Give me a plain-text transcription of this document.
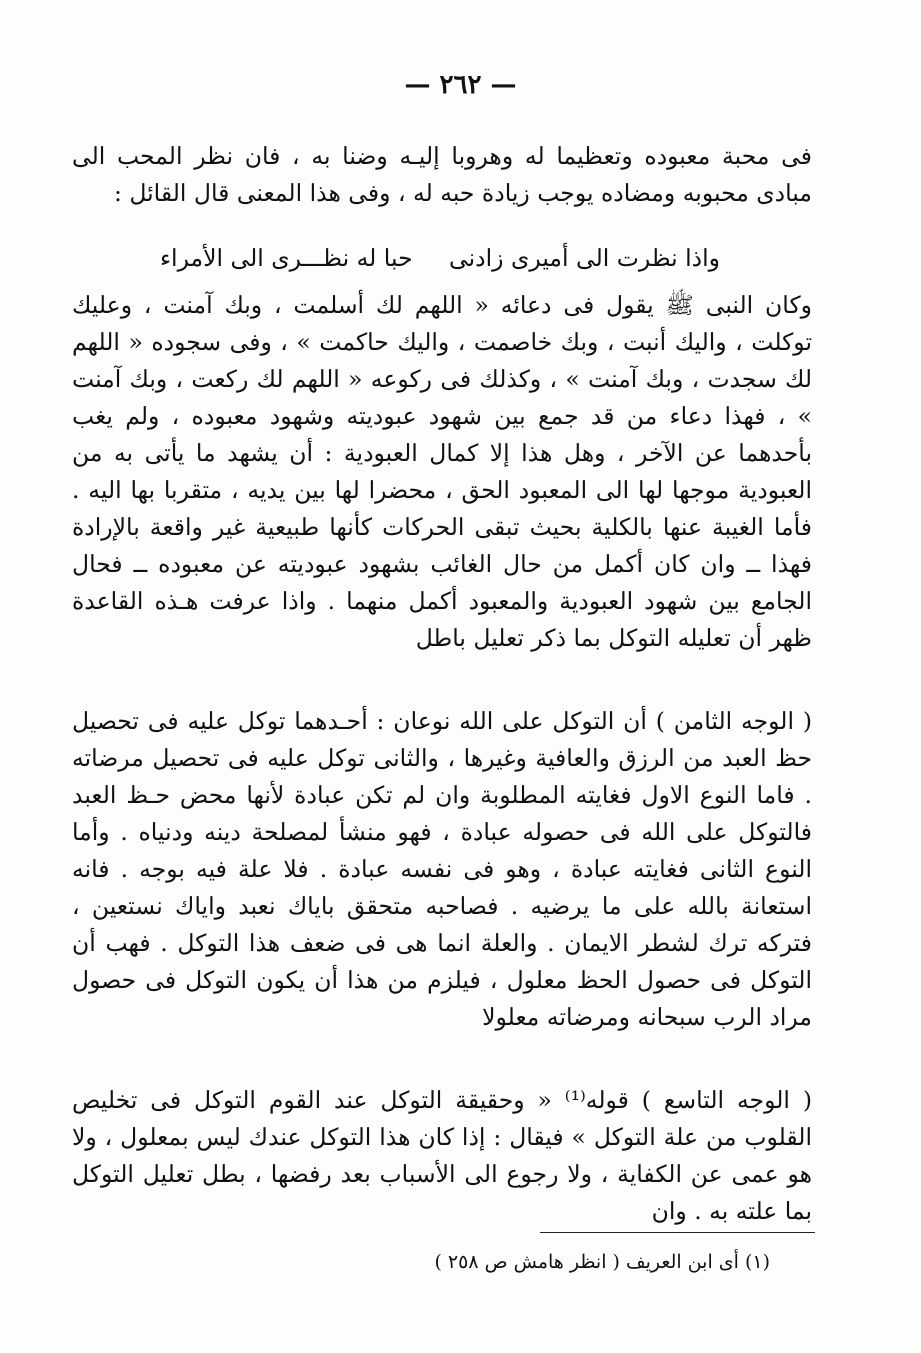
— ٢٦٢ —

فى محبة معبوده وتعظيما له وهروبا إليـه وضنا به ، فان نظر المحب الى مبادى محبوبه ومضاده يوجب زيادة حبه له ، وفى هذا المعنى قال القائل :

واذا نظرت الى أميرى زادنى
حبا له نظـــرى الى الأمراء

وكان النبى ﷺ يقول فى دعائه « اللهم لك أسلمت ، وبك آمنت ، وعليك توكلت ، واليك أنبت ، وبك خاصمت ، واليك حاكمت » ، وفى سجوده « اللهم لك سجدت ، وبك آمنت » ، وكذلك فى ركوعه « اللهم لك ركعت ، وبك آمنت » ، فهذا دعاء من قد جمع بين شهود عبوديته وشهود معبوده ، ولم يغب بأحدهما عن الآخر ، وهل هذا إلا كمال العبودية : أن يشهد ما يأتى به من العبودية موجها لها الى المعبود الحق ، محضرا لها بين يديه ، متقربا بها اليه . فأما الغيبة عنها بالكلية بحيث تبقى الحركات كأنها طبيعية غير واقعة بالإرادة فهذا ــ وان كان أكمل من حال الغائب بشهود عبوديته عن معبوده ــ فحال الجامع بين شهود العبودية والمعبود أكمل منهما . واذا عرفت هـذه القاعدة ظهر أن تعليله التوكل بما ذكر تعليل باطل

( الوجه الثامن ) أن التوكل على الله نوعان : أحـدهما توكل عليه فى تحصيل حظ العبد من الرزق والعافية وغيرها ، والثانى توكل عليه فى تحصيل مرضاته . فاما النوع الاول فغايته المطلوبة وان لم تكن عبادة لأنها محض حـظ العبد فالتوكل على الله فى حصوله عبادة ، فهو منشأ لمصلحة دينه ودنياه . وأما النوع الثانى فغايته عبادة ، وهو فى نفسه عبادة . فلا علة فيه بوجه . فانه استعانة بالله على ما يرضيه . فصاحبه متحقق باياك نعبد واياك نستعين ، فتركه ترك لشطر الايمان . والعلة انما هى فى ضعف هذا التوكل . فهب أن التوكل فى حصول الحظ معلول ، فيلزم من هذا أن يكون التوكل فى حصول مراد الرب سبحانه ومرضاته معلولا

( الوجه التاسع ) قوله⁽¹⁾ « وحقيقة التوكل عند القوم التوكل فى تخليص القلوب من علة التوكل » فيقال : إذا كان هذا التوكل عندك ليس بمعلول ، ولا هو عمى عن الكفاية ، ولا رجوع الى الأسباب بعد رفضها ، بطل تعليل التوكل بما علته به . وان

(١) أى ابن العريف ( انظر هامش ص ٢٥٨ )
